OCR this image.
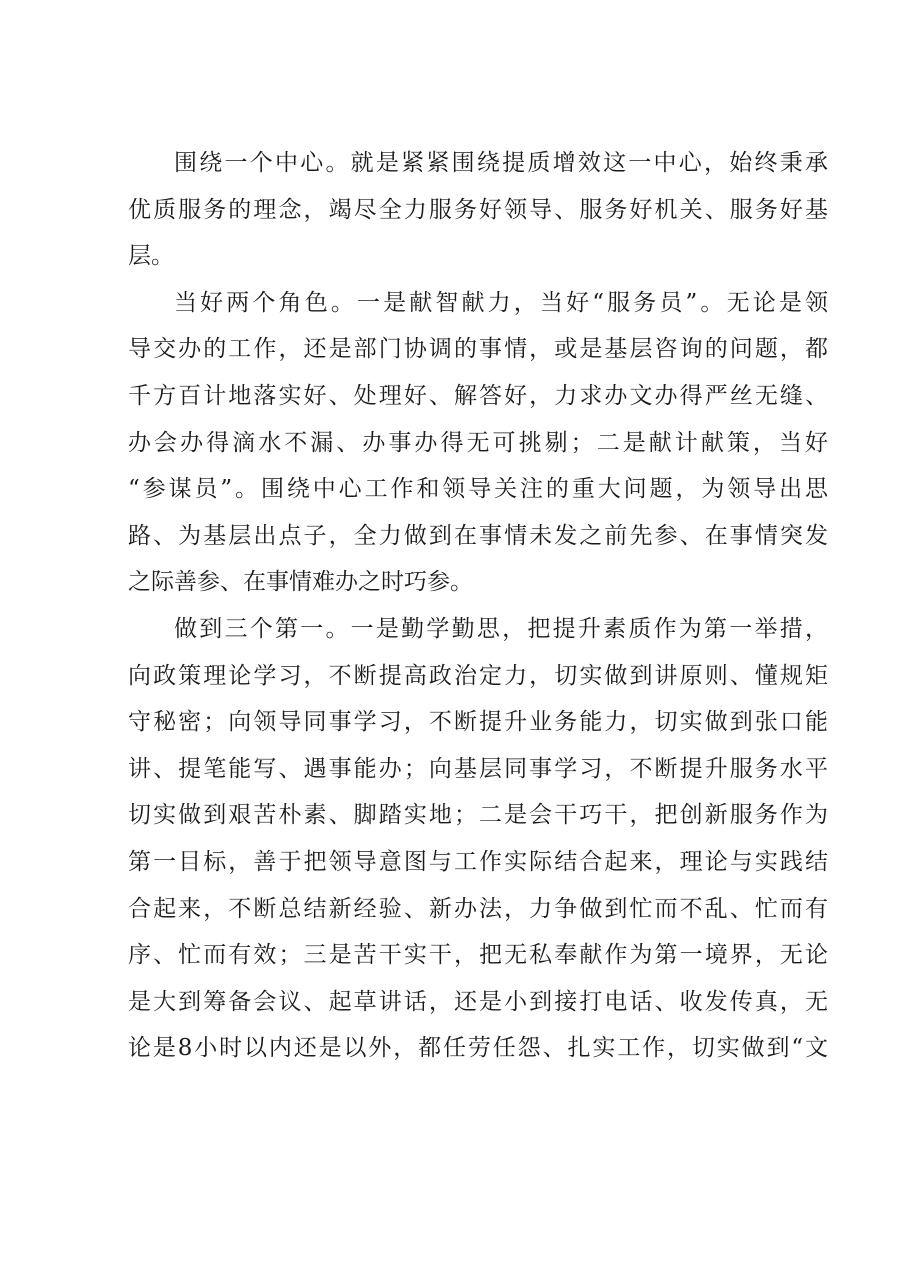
围绕一个中心。就是紧紧围绕提质增效这一中心，始终秉承
优质服务的理念，竭尽全力服务好领导、服务好机关、服务好基
层。
当好两个角色。一是献智献力，当好“服务员”。无论是领
导交办的工作，还是部门协调的事情，或是基层咨询的问题，都
千方百计地落实好、处理好、解答好，力求办文办得严丝无缝、
办会办得滴水不漏、办事办得无可挑剔；二是献计献策，当好
“参谋员”。围绕中心工作和领导关注的重大问题，为领导出思
路、为基层出点子，全力做到在事情未发之前先参、在事情突发
之际善参、在事情难办之时巧参。
做到三个第一。一是勤学勤思，把提升素质作为第一举措，
向政策理论学习，不断提高政治定力，切实做到讲原则、懂规矩
守秘密；向领导同事学习，不断提升业务能力，切实做到张口能
讲、提笔能写、遇事能办；向基层同事学习，不断提升服务水平
切实做到艰苦朴素、脚踏实地；二是会干巧干，把创新服务作为
第一目标，善于把领导意图与工作实际结合起来，理论与实践结
合起来，不断总结新经验、新办法，力争做到忙而不乱、忙而有
序、忙而有效；三是苦干实干，把无私奉献作为第一境界，无论
是大到筹备会议、起草讲话，还是小到接打电话、收发传真，无
论是8小时以内还是以外，都任劳任怨、扎实工作，切实做到“文
